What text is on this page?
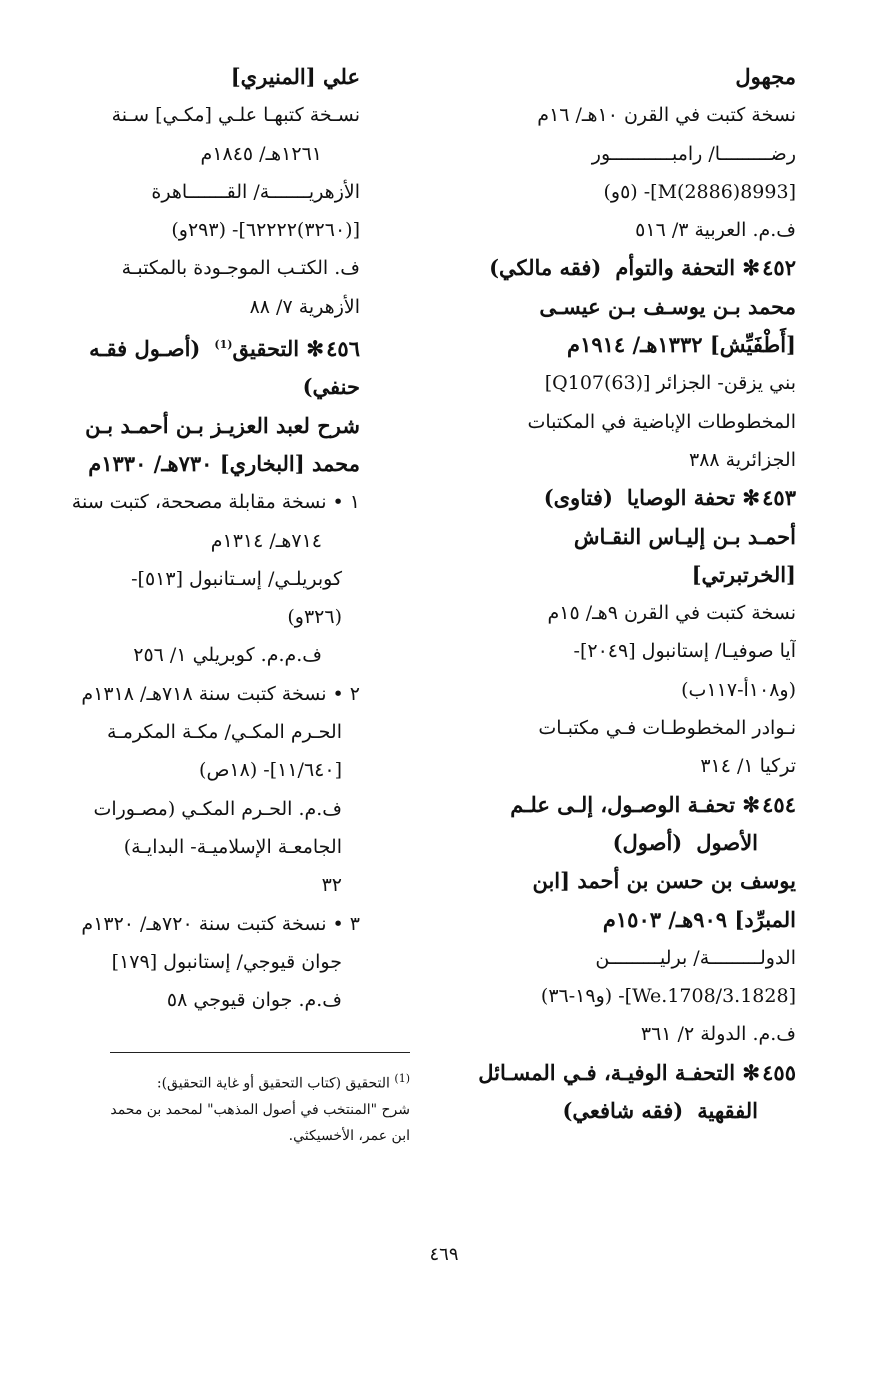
مجهول
نسخة كتبت في القرن ١٠هـ/ ١٦م
رضـــــــــا/ رامبـــــــــــور
[M(2886)8993]- (٥و)
ف.م. العربية ٣/ ٥١٦
٤٥٢✻ التحفة والتوأم(فقه مالكي)
محمد بـن يوسـف بـن عيسـى
[أَطْفَيِّش] ١٣٣٢هـ/ ١٩١٤م
بني يزقن- الجزائر [Q107(63)]
المخطوطات الإباضية في المكتبات
الجزائرية ٣٨٨
٤٥٣✻ تحفة الوصايا(فتاوى)
أحمـد بـن إليـاس النقـاش
[الخرتبرتي]
نسخة كتبت في القرن ٩هـ/ ١٥م
آيا صوفيـا/ إستانبول [٢٠٤٩]-
(و١٠٨أ-١١٧ب)
نـوادر المخطوطـات فـي مكتبـات
تركيا ١/ ٣١٤
٤٥٤✻ تحفـة الوصـول، إلـى علـم
الأصول(أصول)
يوسف بن حسن بن أحمد [ابن
المبرِّد] ٩٠٩هـ/ ١٥٠٣م
الدولـــــــــة/ برليـــــــــن
[1828.We.1708/3]- (و١٩-٣٦)
ف.م. الدولة ٢/ ٣٦١
٤٥٥✻ التحفـة الوفيـة، فـي المسـائل
الفقهية(فقه شافعي)
علي [المنيري]
نسـخة كتبهـا علـي [مكـي] سـنة
١٢٦١هـ/ ١٨٤٥م
الأزهريـــــــة/ القـــــــاهرة
[(٣٢٦٠)٦٢٢٢٢]- (٢٩٣و)
ف. الكتـب الموجـودة بالمكتبـة
الأزهرية ٧/ ٨٨
٤٥٦✻ التحقيق$^{(1)}$(أصـول فقـه
حنفي)
شرح لعبد العزيـز بـن أحمـد بـن
محمد [البخاري] ٧٣٠هـ/ ١٣٣٠م
١ • نسخة مقابلة مصححة، كتبت سنة
٧١٤هـ/ ١٣١٤م
كوبريلـي/ إسـتانبول [٥١٣]-
(٣٢٦و)
ف.م.م. كوبريلي ١/ ٢٥٦
٢ • نسخة كتبت سنة ٧١٨هـ/ ١٣١٨م
الحـرم المكـي/ مكـة المكرمـة
[١١/٦٤٠]- (١٨ص)
ف.م. الحـرم المكـي (مصـورات
الجامعـة الإسلاميـة- البدايـة)
٣٢
٣ • نسخة كتبت سنة ٧٢٠هـ/ ١٣٢٠م
جوان قيوجي/ إستانبول [١٧٩]
ف.م. جوان قيوجي ٥٨
$^{(1)}$ التحقيق (كتاب التحقيق أو غاية التحقيق):
شرح "المنتخب في أصول المذهب" لمحمد بن محمد
ابن عمر، الأخسيكثي.
٤٦٩
